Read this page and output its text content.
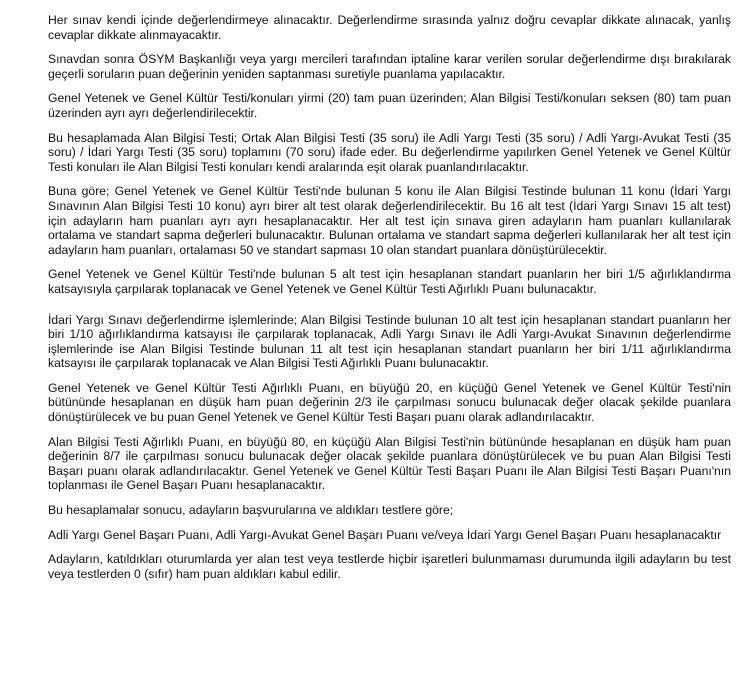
Her sınav kendi içinde değerlendirmeye alınacaktır. Değerlendirme sırasında yalnız doğru cevaplar dikkate alınacak, yanlış cevaplar dikkate alınmayacaktır.

Sınavdan sonra ÖSYM Başkanlığı veya yargı mercileri tarafından iptaline karar verilen sorular değerlendirme dışı bırakılarak geçerli soruların puan değerinin yeniden saptanması suretiyle puanlama yapılacaktır.

Genel Yetenek ve Genel Kültür Testi/konuları yirmi (20) tam puan üzerinden; Alan Bilgisi Testi/konuları seksen (80) tam puan üzerinden ayrı ayrı değerlendirilecektir.

Bu hesaplamada Alan Bilgisi Testi; Ortak Alan Bilgisi Testi (35 soru) ile Adli Yargı Testi (35 soru) / Adli Yargı-Avukat Testi (35 soru) / İdari Yargı Testi (35 soru) toplamını (70 soru) ifade eder. Bu değerlendirme yapılırken Genel Yetenek ve Genel Kültür Testi konuları ile Alan Bilgisi Testi konuları kendi aralarında eşit olarak puanlandırılacaktır.

Buna göre; Genel Yetenek ve Genel Kültür Testi'nde bulunan 5 konu ile Alan Bilgisi Testinde bulunan 11 konu (İdari Yargı Sınavının Alan Bilgisi Testi 10 konu) ayrı birer alt test olarak değerlendirilecektir. Bu 16 alt test (İdari Yargı Sınavı 15 alt test) için adayların ham puanları ayrı ayrı hesaplanacaktır. Her alt test için sınava giren adayların ham puanları kullanılarak ortalama ve standart sapma değerleri bulunacaktır. Bulunan ortalama ve standart sapma değerleri kullanılarak her alt test için adayların ham puanları, ortalaması 50 ve standart sapması 10 olan standart puanlara dönüştürülecektir.

Genel Yetenek ve Genel Kültür Testi'nde bulunan 5 alt test için hesaplanan standart puanların her biri 1/5 ağırlıklandırma katsayısıyla çarpılarak toplanacak ve Genel Yetenek ve Genel Kültür Testi Ağırlıklı Puanı bulunacaktır.

İdari Yargı Sınavı değerlendirme işlemlerinde; Alan Bilgisi Testinde bulunan 10 alt test için hesaplanan standart puanların her biri 1/10 ağırlıklandırma katsayısı ile çarpılarak toplanacak, Adli Yargı Sınavı ile Adli Yargı-Avukat Sınavının değerlendirme işlemlerinde ise Alan Bilgisi Testinde bulunan 11 alt test için hesaplanan standart puanların her biri 1/11 ağırlıklandırma katsayısı ile çarpılarak toplanacak ve Alan Bilgisi Testi Ağırlıklı Puanı bulunacaktır.

Genel Yetenek ve Genel Kültür Testi Ağırlıklı Puanı, en büyüğü 20, en küçüğü Genel Yetenek ve Genel Kültür Testi'nin bütününde hesaplanan en düşük ham puan değerinin 2/3 ile çarpılması sonucu bulunacak değer olacak şekilde puanlara dönüştürülecek ve bu puan Genel Yetenek ve Genel Kültür Testi Başarı puanı olarak adlandırılacaktır.

Alan Bilgisi Testi Ağırlıklı Puanı, en büyüğü 80, en küçüğü Alan Bilgisi Testi'nin bütününde hesaplanan en düşük ham puan değerinin 8/7 ile çarpılması sonucu bulunacak değer olacak şekilde puanlara dönüştürülecek ve bu puan Alan Bilgisi Testi Başarı puanı olarak adlandırılacaktır. Genel Yetenek ve Genel Kültür Testi Başarı Puanı ile Alan Bilgisi Testi Başarı Puanı'nın toplanması ile Genel Başarı Puanı hesaplanacaktır.

Bu hesaplamalar sonucu, adayların başvurularına ve aldıkları testlere göre;

Adli Yargı Genel Başarı Puanı, Adli Yargı-Avukat Genel Başarı Puanı ve/veya İdari Yargı Genel Başarı Puanı hesaplanacaktır

Adayların, katıldıkları oturumlarda yer alan test veya testlerde hiçbir işaretleri bulunmaması durumunda ilgili adayların bu test veya testlerden 0 (sıfır) ham puan aldıkları kabul edilir.
